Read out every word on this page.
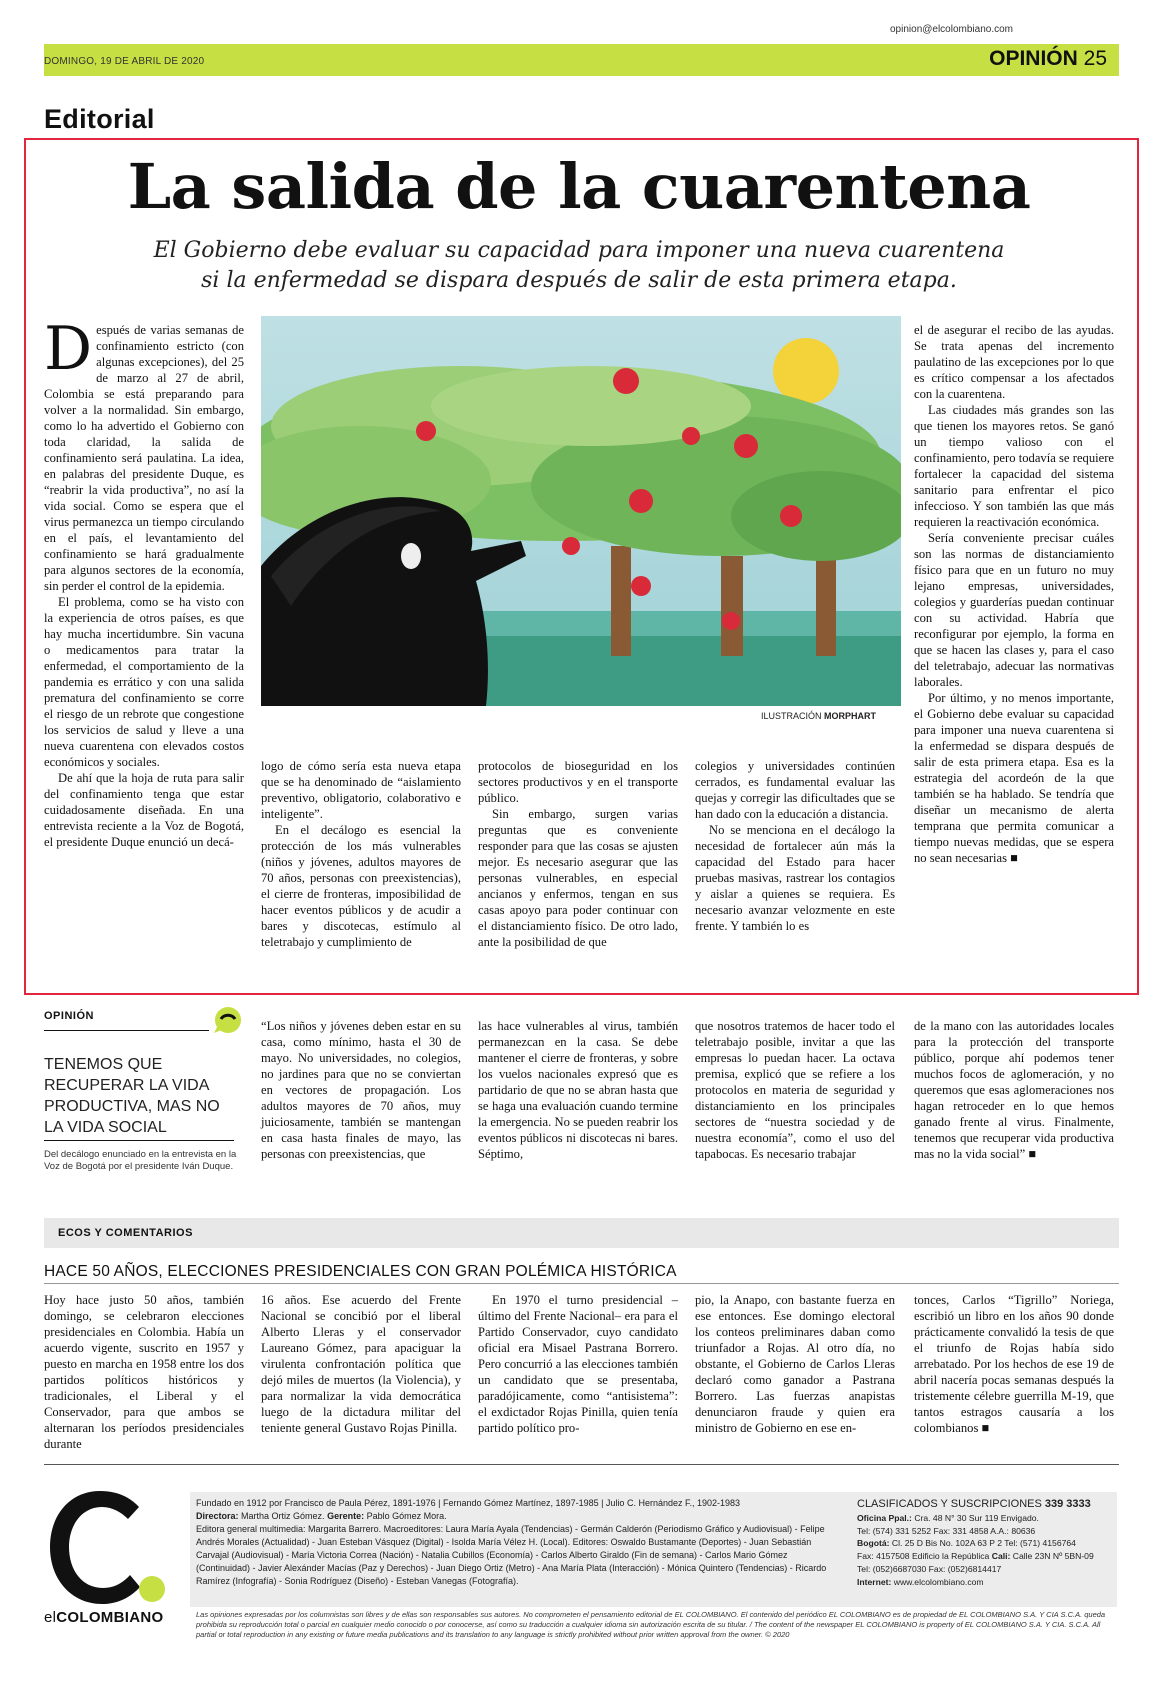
opinion@elcolombiano.com
DOMINGO, 19 DE ABRIL DE 2020	OPINIÓN 25
Editorial
La salida de la cuarentena
El Gobierno debe evaluar su capacidad para imponer una nueva cuarentena
si la enfermedad se dispara después de salir de esta primera etapa.

Después de varias semanas de confinamiento estricto (con algunas excepciones), del 25 de marzo al 27 de abril, Colombia se está preparando para volver a la normalidad. Sin embargo, como lo ha advertido el Gobierno con toda claridad, la salida de confinamiento será paulatina. La idea, en palabras del presidente Duque, es “reabrir la vida productiva”, no así la vida social. Como se espera que el virus permanezca un tiempo circulando en el país, el levantamiento del confinamiento se hará gradualmente para algunos sectores de la economía, sin perder el control de la epidemia.

El problema, como se ha visto con la experiencia de otros países, es que hay mucha incertidumbre. Sin vacuna o medicamentos para tratar la enfermedad, el comportamiento de la pandemia es errático y con una salida prematura del confinamiento se corre el riesgo de un rebrote que congestione los servicios de salud y lleve a una nueva cuarentena con elevados costos económicos y sociales.

De ahí que la hoja de ruta para salir del confinamiento tenga que estar cuidadosamente diseñada. En una entrevista reciente a la Voz de Bogotá, el presidente Duque enunció un decá-

ILUSTRACIÓN MORPHART

logo de cómo sería esta nueva etapa que se ha denominado de “aislamiento preventivo, obligatorio, colaborativo e inteligente”.

En el decálogo es esencial la protección de los más vulnerables (niños y jóvenes, adultos mayores de 70 años, personas con preexistencias), el cierre de fronteras, imposibilidad de hacer eventos públicos y de acudir a bares y discotecas, estímulo al teletrabajo y cumplimiento de

protocolos de bioseguridad en los sectores productivos y en el transporte público.

Sin embargo, surgen varias preguntas que es conveniente responder para que las cosas se ajusten mejor. Es necesario asegurar que las personas vulnerables, en especial ancianos y enfermos, tengan en sus casas apoyo para poder continuar con el distanciamiento físico. De otro lado, ante la posibilidad de que

colegios y universidades continúen cerrados, es fundamental evaluar las quejas y corregir las dificultades que se han dado con la educación a distancia.

No se menciona en el decálogo la necesidad de fortalecer aún más la capacidad del Estado para hacer pruebas masivas, rastrear los contagios y aislar a quienes se requiera. Es necesario avanzar velozmente en este frente. Y también lo es

el de asegurar el recibo de las ayudas. Se trata apenas del incremento paulatino de las excepciones por lo que es crítico compensar a los afectados con la cuarentena.

Las ciudades más grandes son las que tienen los mayores retos. Se ganó un tiempo valioso con el confinamiento, pero todavía se requiere fortalecer la capacidad del sistema sanitario para enfrentar el pico infeccioso. Y son también las que más requieren la reactivación económica.

Sería conveniente precisar cuáles son las normas de distanciamiento físico para que en un futuro no muy lejano empresas, universidades, colegios y guarderías puedan continuar con su actividad. Habría que reconfigurar por ejemplo, la forma en que se hacen las clases y, para el caso del teletrabajo, adecuar las normativas laborales.

Por último, y no menos importante, el Gobierno debe evaluar su capacidad para imponer una nueva cuarentena si la enfermedad se dispara después de salir de esta primera etapa. Esa es la estrategia del acordeón de la que también se ha hablado. Se tendría que diseñar un mecanismo de alerta temprana que permita comunicar a tiempo nuevas medidas, que se espera no sean necesarias ■

OPINIÓN
TENEMOS QUE RECUPERAR LA VIDA PRODUCTIVA, MAS NO LA VIDA SOCIAL
Del decálogo enunciado en la entrevista en la Voz de Bogotá por el presidente Iván Duque.

“Los niños y jóvenes deben estar en su casa, como mínimo, hasta el 30 de mayo. No universidades, no colegios, no jardines para que no se conviertan en vectores de propagación. Los adultos mayores de 70 años, muy juiciosamente, también se mantengan en casa hasta finales de mayo, las personas con preexistencias, que

las hace vulnerables al virus, también permanezcan en la casa. Se debe mantener el cierre de fronteras, y sobre los vuelos nacionales expresó que es partidario de que no se abran hasta que se haga una evaluación cuando termine la emergencia. No se pueden reabrir los eventos públicos ni discotecas ni bares. Séptimo,

que nosotros tratemos de hacer todo el teletrabajo posible, invitar a que las empresas lo puedan hacer. La octava premisa, explicó que se refiere a los protocolos en materia de seguridad y distanciamiento en los principales sectores de “nuestra sociedad y de nuestra economía”, como el uso del tapabocas. Es necesario trabajar

de la mano con las autoridades locales para la protección del transporte público, porque ahí podemos tener muchos focos de aglomeración, y no queremos que esas aglomeraciones nos hagan retroceder en lo que hemos ganado frente al virus. Finalmente, tenemos que recuperar vida productiva mas no la vida social” ■

ECOS Y COMENTARIOS
HACE 50 AÑOS, ELECCIONES PRESIDENCIALES CON GRAN POLÉMICA HISTÓRICA

Hoy hace justo 50 años, también domingo, se celebraron elecciones presidenciales en Colombia. Había un acuerdo vigente, suscrito en 1957 y puesto en marcha en 1958 entre los dos partidos políticos históricos y tradicionales, el Liberal y el Conservador, para que ambos se alternaran los períodos presidenciales durante

16 años. Ese acuerdo del Frente Nacional se concibió por el liberal Alberto Lleras y el conservador Laureano Gómez, para apaciguar la virulenta confrontación política que dejó miles de muertos (la Violencia), y para normalizar la vida democrática luego de la dictadura militar del teniente general Gustavo Rojas Pinilla.

En 1970 el turno presidencial –último del Frente Nacional– era para el Partido Conservador, cuyo candidato oficial era Misael Pastrana Borrero. Pero concurrió a las elecciones también un candidato que se presentaba, paradójicamente, como “antisistema”: el exdictador Rojas Pinilla, quien tenía partido político pro-

pio, la Anapo, con bastante fuerza en ese entonces. Ese domingo electoral los conteos preliminares daban como triunfador a Rojas. Al otro día, no obstante, el Gobierno de Carlos Lleras declaró como ganador a Pastrana Borrero. Las fuerzas anapistas denunciaron fraude y quien era ministro de Gobierno en ese en-

tonces, Carlos “Tigrillo” Noriega, escribió un libro en los años 90 donde prácticamente convalidó la tesis de que el triunfo de Rojas había sido arrebatado. Por los hechos de ese 19 de abril nacería pocas semanas después la tristemente célebre guerrilla M-19, que tantos estragos causaría a los colombianos ■

elCOLOMBIANO
Fundado en 1912 por Francisco de Paula Pérez, 1891-1976 | Fernando Gómez Martínez, 1897-1985 | Julio C. Hernández F., 1902-1983
Directora: Martha Ortiz Gómez. Gerente: Pablo Gómez Mora.
Editora general multimedia: Margarita Barrero. Macroeditores: Laura María Ayala (Tendencias) - Germán Calderón (Periodismo Gráfico y Audiovisual) - Felipe Andrés Morales (Actualidad) - Juan Esteban Vásquez (Digital) - Isolda María Vélez H. (Local). Editores: Oswaldo Bustamante (Deportes) - Juan Sebastián Carvajal (Audiovisual) - María Victoria Correa (Nación) - Natalia Cubillos (Economía) - Carlos Alberto Giraldo (Fin de semana) - Carlos Mario Gómez (Continuidad) - Javier Alexánder Macías (Paz y Derechos) - Juan Diego Ortiz (Metro) - Ana María Plata (Interacción) - Mónica Quintero (Tendencias) - Ricardo Ramírez (Infografía) - Sonia Rodríguez (Diseño) - Esteban Vanegas (Fotografía).
CLASIFICADOS Y SUSCRIPCIONES 339 3333
Oficina Ppal.: Cra. 48 N° 30 Sur 119 Envigado.
Tel: (574) 331 5252 Fax: 331 4858 A.A.: 80636
Bogotá: Cl. 25 D Bis No. 102A 63 P 2 Tel: (571) 4156764
Fax: 4157508 Edificio la República Cali: Calle 23N Nº 5BN-09
Tel: (052)6687030 Fax: (052)6814417
Internet: www.elcolombiano.com
Las opiniones expresadas por los columnistas son libres y de ellas son responsables sus autores. No comprometen el pensamiento editorial de EL COLOMBIANO. El contenido del periódico EL COLOMBIANO es de propiedad de EL COLOMBIANO S.A. Y CIA S.C.A. queda prohibida su reproducción total o parcial en cualquier medio conocido o por conocerse, así como su traducción a cualquier idioma sin autorización escrita de su titular. / The content of the newspaper EL COLOMBIANO is property of EL COLOMBIANO S.A. Y CIA. S.C.A. All partial or total reproduction in any existing or future media publications and its translation to any language is strictly prohibited without prior written approval from the owner. © 2020
